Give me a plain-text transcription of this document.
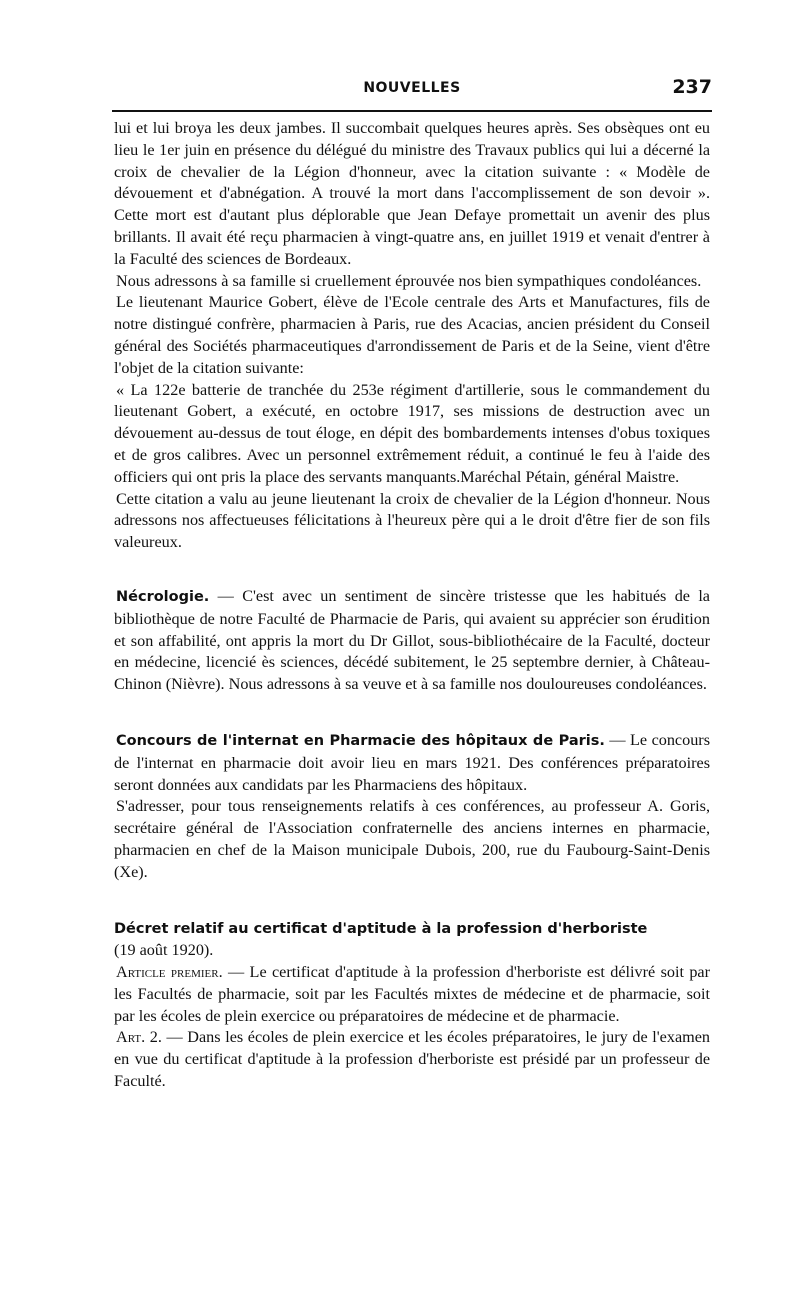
NOUVELLES	237

lui et lui broya les deux jambes. Il succombait quelques heures après. Ses obsèques ont eu lieu le 1er juin en présence du délégué du ministre des Travaux publics qui lui a décerné la croix de chevalier de la Légion d'honneur, avec la citation suivante : « Modèle de dévouement et d'abnégation. A trouvé la mort dans l'accomplissement de son devoir ». Cette mort est d'autant plus déplorable que Jean Defaye promettait un avenir des plus brillants. Il avait été reçu pharmacien à vingt-quatre ans, en juillet 1919 et venait d'entrer à la Faculté des sciences de Bordeaux.

Nous adressons à sa famille si cruellement éprouvée nos bien sympathiques condoléances.

Le lieutenant Maurice Gobert, élève de l'Ecole centrale des Arts et Manufactures, fils de notre distingué confrère, pharmacien à Paris, rue des Acacias, ancien président du Conseil général des Sociétés pharmaceutiques d'arrondissement de Paris et de la Seine, vient d'être l'objet de la citation suivante:

« La 122e batterie de tranchée du 253e régiment d'artillerie, sous le commandement du lieutenant Gobert, a exécuté, en octobre 1917, ses missions de destruction avec un dévouement au-dessus de tout éloge, en dépit des bombardements intenses d'obus toxiques et de gros calibres. Avec un personnel extrêmement réduit, a continué le feu à l'aide des officiers qui ont pris la place des servants manquants.Maréchal Pétain, général Maistre.

Cette citation a valu au jeune lieutenant la croix de chevalier de la Légion d'honneur. Nous adressons nos affectueuses félicitations à l'heureux père qui a le droit d'être fier de son fils valeureux.

Nécrologie. — C'est avec un sentiment de sincère tristesse que les habitués de la bibliothèque de notre Faculté de Pharmacie de Paris, qui avaient su apprécier son érudition et son affabilité, ont appris la mort du Dr Gillot, sous-bibliothécaire de la Faculté, docteur en médecine, licencié ès sciences, décédé subitement, le 25 septembre dernier, à Château-Chinon (Nièvre). Nous adressons à sa veuve et à sa famille nos douloureuses condoléances.

Concours de l'internat en Pharmacie des hôpitaux de Paris. — Le concours de l'internat en pharmacie doit avoir lieu en mars 1921. Des conférences préparatoires seront données aux candidats par les Pharmaciens des hôpitaux.

S'adresser, pour tous renseignements relatifs à ces conférences, au professeur A. Goris, secrétaire général de l'Association confraternelle des anciens internes en pharmacie, pharmacien en chef de la Maison municipale Dubois, 200, rue du Faubourg-Saint-Denis (Xe).

Décret relatif au certificat d'aptitude à la profession d'herboriste
(19 août 1920).

Article premier. — Le certificat d'aptitude à la profession d'herboriste est délivré soit par les Facultés de pharmacie, soit par les Facultés mixtes de médecine et de pharmacie, soit par les écoles de plein exercice ou préparatoires de médecine et de pharmacie.

Art. 2. — Dans les écoles de plein exercice et les écoles préparatoires, le jury de l'examen en vue du certificat d'aptitude à la profession d'herboriste est présidé par un professeur de Faculté.
